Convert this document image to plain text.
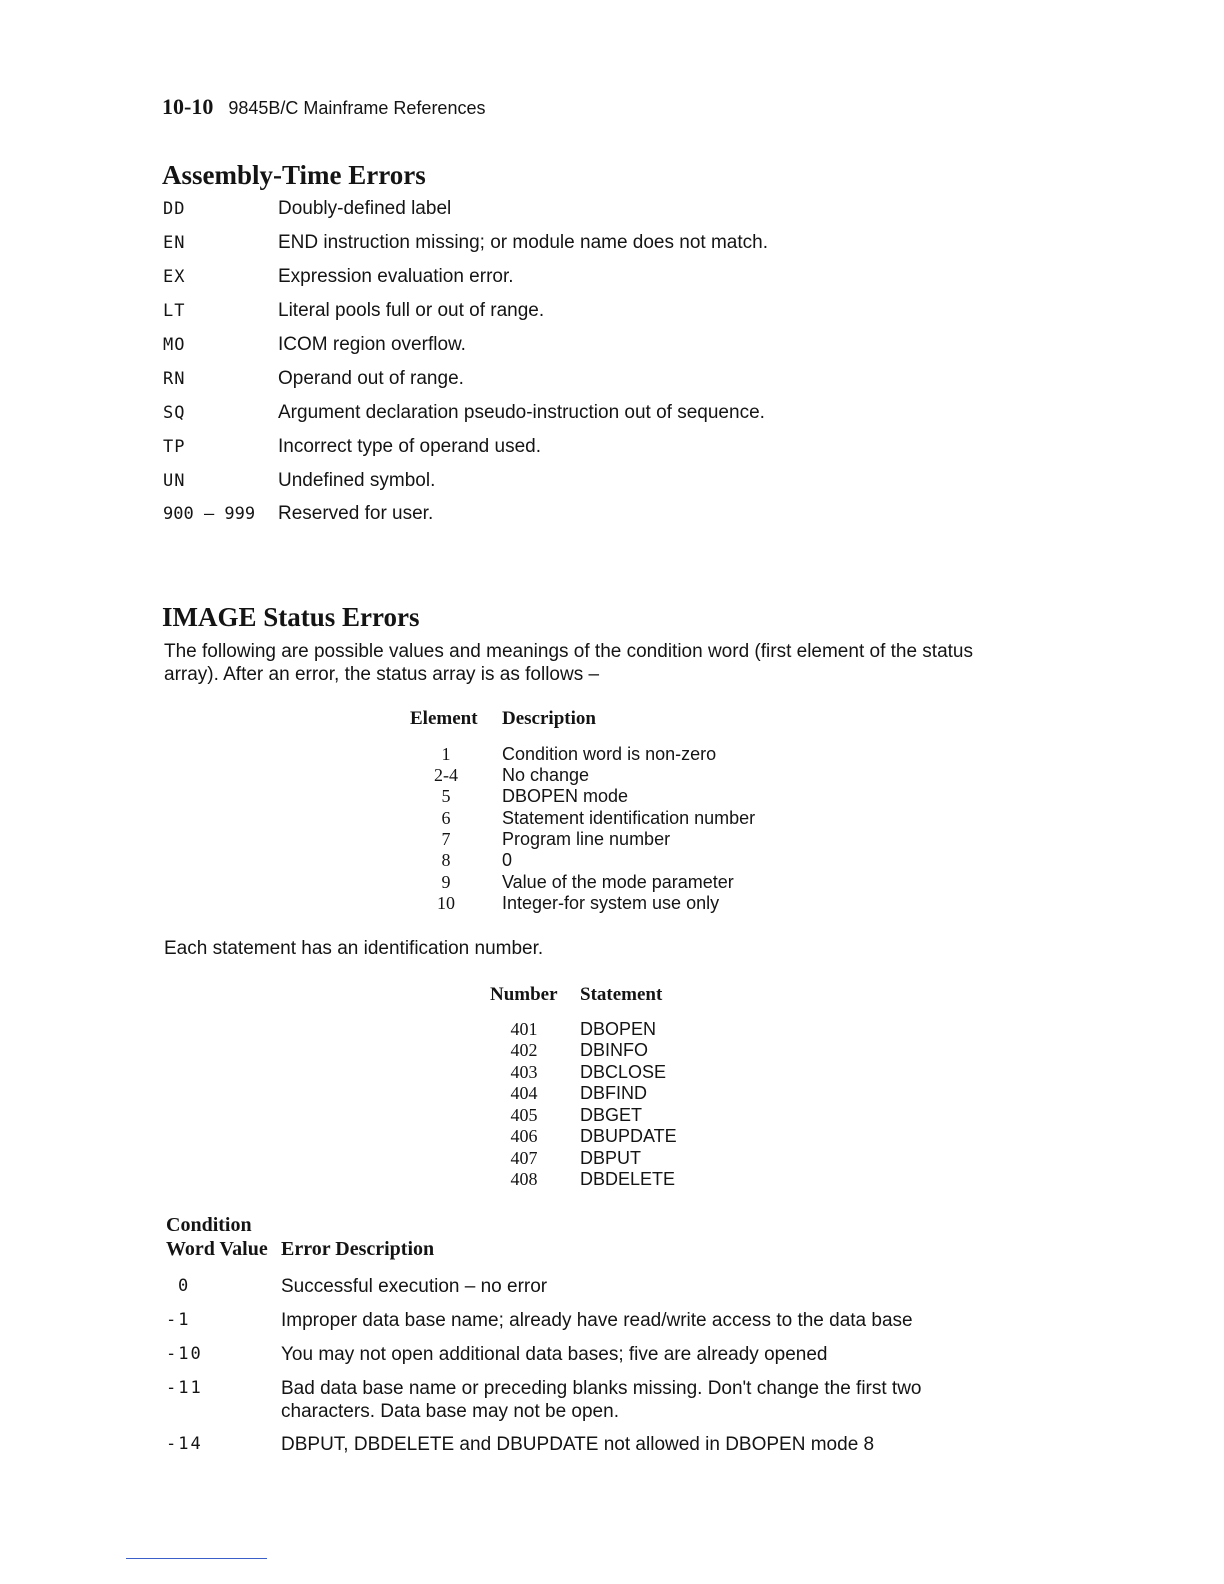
10-10 9845B/C Mainframe References
Assembly-Time Errors
DD	Doubly-defined label
EN	END instruction missing; or module name does not match.
EX	Expression evaluation error.
LT	Literal pools full or out of range.
MO	ICOM region overflow.
RN	Operand out of range.
SQ	Argument declaration pseudo-instruction out of sequence.
TP	Incorrect type of operand used.
UN	Undefined symbol.
900 – 999 Reserved for user.
IMAGE Status Errors

The following are possible values and meanings of the condition word (first element of the status array). After an error, the status array is as follows –

Element Description
1	Condition word is non-zero
2-4	No change
5	DBOPEN mode
6	Statement identification number
7	Program line number
8	0
9	Value of the mode parameter
10	Integer-for system use only

Each statement has an identification number.

Number Statement
401	DBOPEN
402	DBINFO
403	DBCLOSE
404	DBFIND
405	DBGET
406	DBUPDATE
407	DBPUT
408	DBDELETE
Condition
Word Value Error Description
0	Successful execution – no error
-1	Improper data base name; already have read/write access to the data base
-10	You may not open additional data bases; five are already opened
-11	Bad data base name or preceding blanks missing. Don't change the first two characters. Data base may not be open.
-14	DBPUT, DBDELETE and DBUPDATE not allowed in DBOPEN mode 8
